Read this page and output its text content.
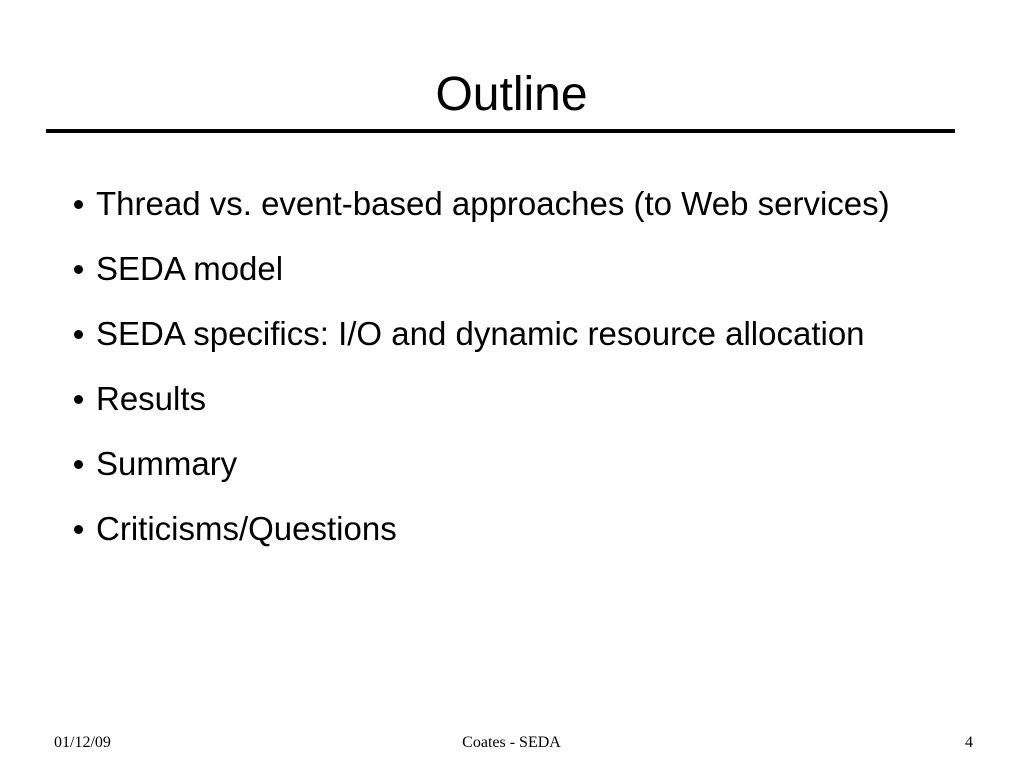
Outline
Thread vs. event-based approaches (to Web services)
SEDA model
SEDA specifics: I/O and dynamic resource allocation
Results
Summary
Criticisms/Questions
01/12/09	Coates - SEDA	4
